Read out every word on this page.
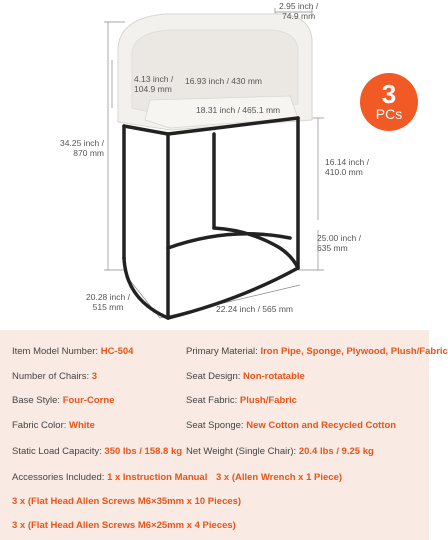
2.95 inch /
74.9 mm
4.13 inch /
104.9 mm
16.93 inch / 430 mm
18.31 inch / 465.1 mm
34.25 inch /
870 mm
16.14 inch /
410.0 mm
25.00 inch /
635 mm
20.28 inch /
515 mm	22.24 inch / 565 mm
3
PCs
Item Model Number: HC-504	Primary Material: Iron Pipe, Sponge, Plywood, Plush/Fabric
Number of Chairs: 3	Seat Design: Non-rotatable
Base Style: Four-Corne	Seat Fabric: Plush/Fabric
Fabric Color: White	Seat Sponge: New Cotton and Recycled Cotton
Static Load Capacity: 350 lbs / 158.8 kg Net Weight (Single Chair): 20.4 lbs / 9.25 kg
Accessories Included: 1 x Instruction Manual 3 x (Allen Wrench x 1 Piece)
3 x (Flat Head Allen Screws M6×35mm x 10 Pieces)
3 x (Flat Head Allen Screws M6×25mm x 4 Pieces)
